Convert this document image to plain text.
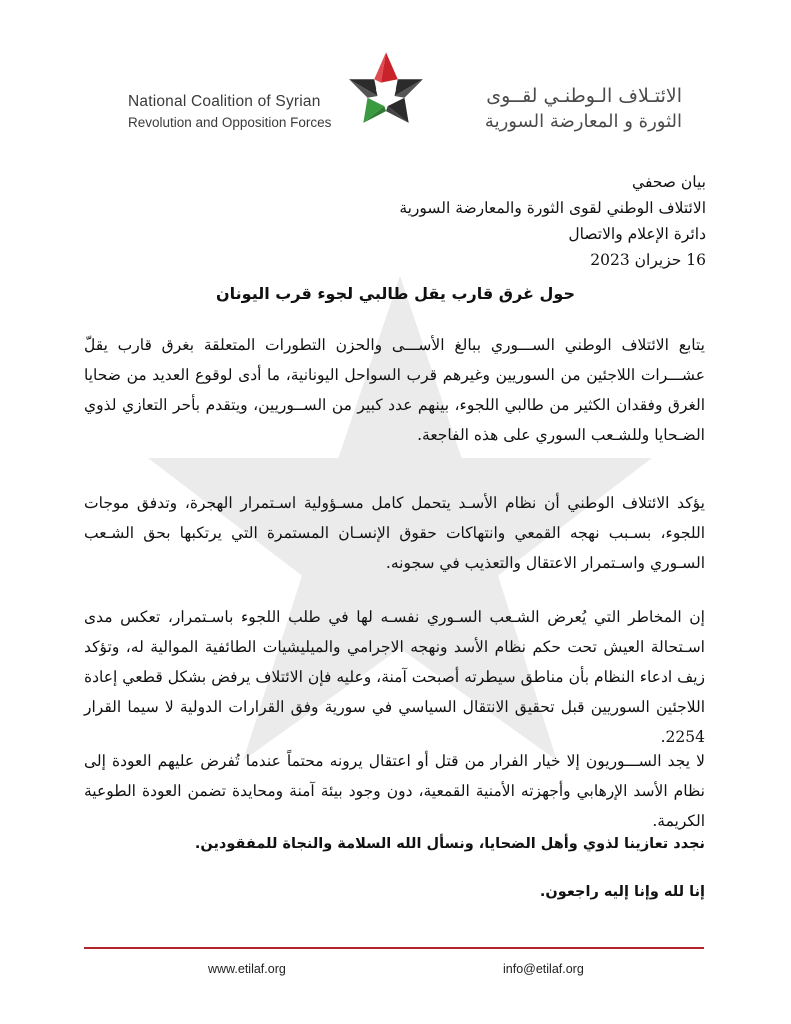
National Coalition of Syrian
Revolution and Opposition Forces
الائتـلاف الـوطنـي لقــوى
الثورة و المعارضة السورية
بيان صحفي
الائتلاف الوطني لقوى الثورة والمعارضة السورية
دائرة الإعلام والاتصال
16 حزيران 2023
حول غرق قارب يقل طالبي لجوء قرب اليونان
يتابع الائتلاف الوطني الســـوري ببالغ الأســـى والحزن التطورات المتعلقة بغرق قارب يقلّ عشـــرات اللاجئين من السوريين وغيرهم قرب السواحل اليونانية، ما أدى لوقوع العديد من ضحايا الغرق وفقدان الكثير من طالبي اللجوء، بينهم عدد كبير من الســوريين، ويتقدم بأحر التعازي لذوي الضـحايا وللشـعب السوري على هذه الفاجعة.
يؤكد الائتلاف الوطني أن نظام الأسـد يتحمل كامل مسـؤولية اسـتمرار الهجرة، وتدفق موجات اللجوء، بسـبب نهجه القمعي وانتهاكات حقوق الإنسـان المستمرة التي يرتكبها بحق الشـعب السـوري واسـتمرار الاعتقال والتعذيب في سجونه.
إن المخاطر التي يُعرض الشـعب السـوري نفسـه لها في طلب اللجوء باسـتمرار، تعكس مدى اسـتحالة العيش تحت حكم نظام الأسد ونهجه الاجرامي والميليشيات الطائفية الموالية له، وتؤكد زيف ادعاء النظام بأن مناطق سيطرته أصبحت آمنة، وعليه فإن الائتلاف يرفض بشكل قطعي إعادة اللاجئين السوريين قبل تحقيق الانتقال السياسي في سورية وفق القرارات الدولية لا سيما القرار 2254.
لا يجد الســـوريون إلا خيار الفرار من قتل أو اعتقال يرونه محتماً عندما تُفرض عليهم العودة إلى نظام الأسد الإرهابي وأجهزته الأمنية القمعية، دون وجود بيئة آمنة ومحايدة تضمن العودة الطوعية الكريمة.
نجدد تعازينا لذوي وأهل الضحايا، ونسأل الله السلامة والنجاة للمفقودين.
إنا لله وإنا إليه راجعون.
www.etilaf.org	info@etilaf.org
